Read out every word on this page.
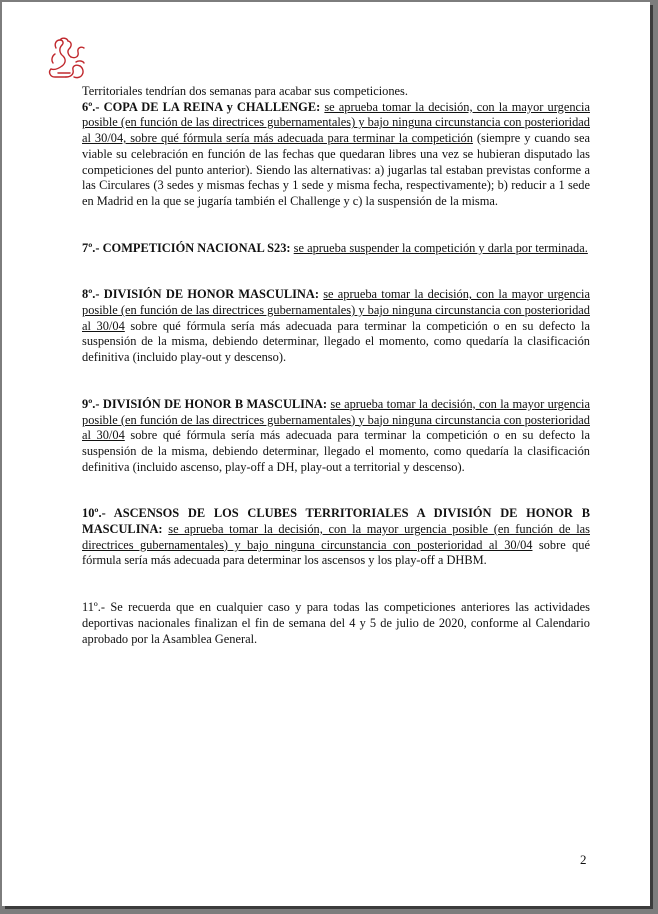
Territoriales tendrían dos semanas para acabar sus competiciones.

6º.- COPA DE LA REINA y CHALLENGE: se aprueba tomar la decisión, con la mayor urgencia posible (en función de las directrices gubernamentales) y bajo ninguna circunstancia con posterioridad al 30/04, sobre qué fórmula sería más adecuada para terminar la competición (siempre y cuando sea viable su celebración en función de las fechas que quedaran libres una vez se hubieran disputado las competiciones del punto anterior). Siendo las alternativas: a) jugarlas tal estaban previstas conforme a las Circulares (3 sedes y mismas fechas y 1 sede y misma fecha, respectivamente); b) reducir a 1 sede en Madrid en la que se jugaría también el Challenge y c) la suspensión de la misma.

7º.- COMPETICIÓN NACIONAL S23: se aprueba suspender la competición y darla por terminada.

8º.- DIVISIÓN DE HONOR MASCULINA: se aprueba tomar la decisión, con la mayor urgencia posible (en función de las directrices gubernamentales) y bajo ninguna circunstancia con posterioridad al 30/04 sobre qué fórmula sería más adecuada para terminar la competición o en su defecto la suspensión de la misma, debiendo determinar, llegado el momento, como quedaría la clasificación definitiva (incluido play-out y descenso).

9º.- DIVISIÓN DE HONOR B MASCULINA: se aprueba tomar la decisión, con la mayor urgencia posible (en función de las directrices gubernamentales) y bajo ninguna circunstancia con posterioridad al 30/04 sobre qué fórmula sería más adecuada para terminar la competición o en su defecto la suspensión de la misma, debiendo determinar, llegado el momento, como quedaría la clasificación definitiva (incluido ascenso, play-off a DH, play-out a territorial y descenso).

10º.- ASCENSOS DE LOS CLUBES TERRITORIALES A DIVISIÓN DE HONOR B MASCULINA: se aprueba tomar la decisión, con la mayor urgencia posible (en función de las directrices gubernamentales) y bajo ninguna circunstancia con posterioridad al 30/04 sobre qué fórmula sería más adecuada para determinar los ascensos y los play-off a DHBM.

11º.- Se recuerda que en cualquier caso y para todas las competiciones anteriores las actividades deportivas nacionales finalizan el fin de semana del 4 y 5 de julio de 2020, conforme al Calendario aprobado por la Asamblea General.

2
